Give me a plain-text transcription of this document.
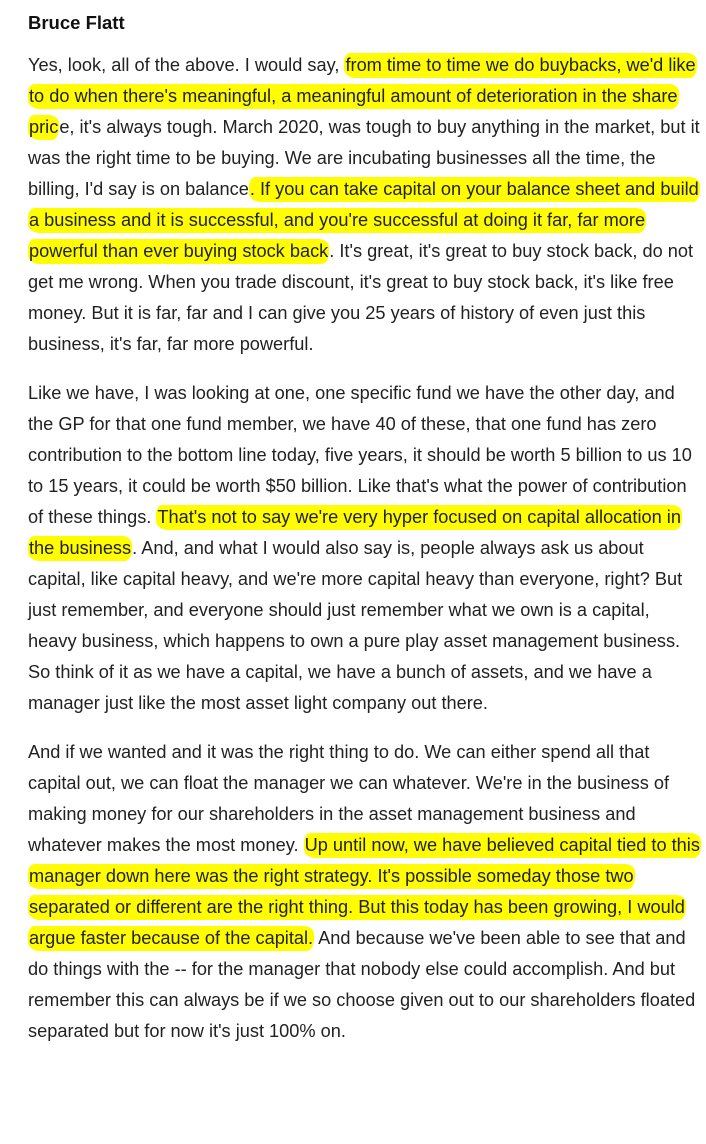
Bruce Flatt

Yes, look, all of the above. I would say, from time to time we do buybacks, we'd like to do when there's meaningful, a meaningful amount of deterioration in the share price, it's always tough. March 2020, was tough to buy anything in the market, but it was the right time to be buying. We are incubating businesses all the time, the billing, I'd say is on balance. If you can take capital on your balance sheet and build a business and it is successful, and you're successful at doing it far, far more powerful than ever buying stock back. It's great, it's great to buy stock back, do not get me wrong. When you trade discount, it's great to buy stock back, it's like free money. But it is far, far and I can give you 25 years of history of even just this business, it's far, far more powerful.

Like we have, I was looking at one, one specific fund we have the other day, and the GP for that one fund member, we have 40 of these, that one fund has zero contribution to the bottom line today, five years, it should be worth 5 billion to us 10 to 15 years, it could be worth $50 billion. Like that's what the power of contribution of these things. That's not to say we're very hyper focused on capital allocation in the business. And, and what I would also say is, people always ask us about capital, like capital heavy, and we're more capital heavy than everyone, right? But just remember, and everyone should just remember what we own is a capital, heavy business, which happens to own a pure play asset management business. So think of it as we have a capital, we have a bunch of assets, and we have a manager just like the most asset light company out there.

And if we wanted and it was the right thing to do. We can either spend all that capital out, we can float the manager we can whatever. We're in the business of making money for our shareholders in the asset management business and whatever makes the most money. Up until now, we have believed capital tied to this manager down here was the right strategy. It's possible someday those two separated or different are the right thing. But this today has been growing, I would argue faster because of the capital. And because we've been able to see that and do things with the -- for the manager that nobody else could accomplish. And but remember this can always be if we so choose given out to our shareholders floated separated but for now it's just 100% on.
